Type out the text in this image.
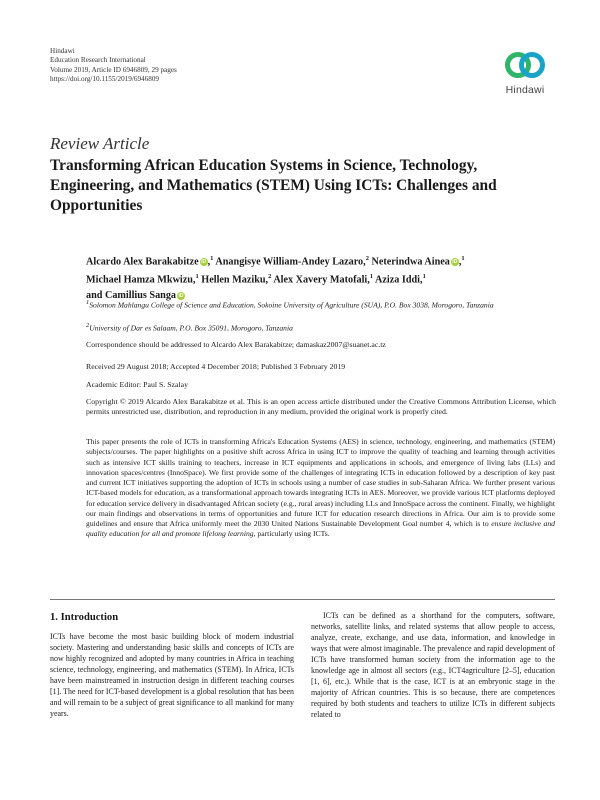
Hindawi
Education Research International
Volume 2019, Article ID 6946809, 29 pages
https://doi.org/10.1155/2019/6946809
Hindawi
Review Article
Transforming African Education Systems in Science, Technology, Engineering, and Mathematics (STEM) Using ICTs: Challenges and Opportunities
Alcardo Alex Barakabitze iD ,$^1$ Anangisye William-Andey Lazaro,$^2$ Neterindwa Ainea iD ,$^1$
Michael Hamza Mkwizu,$^1$ Hellen Maziku,$^2$ Alex Xavery Matofali,$^1$ Aziza Iddi,$^1$
and Camillius Sanga iD
$^1$Solomon Mahlangu College of Science and Education, Sokoine University of Agriculture (SUA), P.O. Box 3038, Morogoro, Tanzania
$^2$University of Dar es Salaam, P.O. Box 35091, Morogoro, Tanzania
Correspondence should be addressed to Alcardo Alex Barakabitze; damaskaz2007@suanet.ac.tz
Received 29 August 2018; Accepted 4 December 2018; Published 3 February 2019
Academic Editor: Paul S. Szalay
Copyright © 2019 Alcardo Alex Barakabitze et al. This is an open access article distributed under the Creative Commons Attribution License, which permits unrestricted use, distribution, and reproduction in any medium, provided the original work is properly cited.
This paper presents the role of ICTs in transforming Africa's Education Systems (AES) in science, technology, engineering, and mathematics (STEM) subjects/courses. The paper highlights on a positive shift across Africa in using ICT to improve the quality of teaching and learning through activities such as intensive ICT skills training to teachers, increase in ICT equipments and applications in schools, and emergence of living labs (LLs) and innovation spaces/centres (InnoSpace). We first provide some of the challenges of integrating ICTs in education followed by a description of key past and current ICT initiatives supporting the adoption of ICTs in schools using a number of case studies in sub-Saharan Africa. We further present various ICT-based models for education, as a transformational approach towards integrating ICTs in AES. Moreover, we provide various ICT platforms deployed for education service delivery in disadvantaged African society (e.g., rural areas) including LLs and InnoSpace across the continent. Finally, we highlight our main findings and observations in terms of opportunities and future ICT for education research directions in Africa. Our aim is to provide some guidelines and ensure that Africa uniformly meet the 2030 United Nations Sustainable Development Goal number 4, which is to ensure inclusive and quality education for all and promote lifelong learning, particularly using ICTs.
1. Introduction
ICTs have become the most basic building block of modern industrial society. Mastering and understanding basic skills and concepts of ICTs are now highly recognized and adopted by many countries in Africa in teaching science, technology, engineering, and mathematics (STEM). In Africa, ICTs have been mainstreamed in instruction design in different teaching courses [1]. The need for ICT-based development is a global resolution that has been and will remain to be a subject of great significance to all mankind for many years.
ICTs can be defined as a shorthand for the computers, software, networks, satellite links, and related systems that allow people to access, analyze, create, exchange, and use data, information, and knowledge in ways that were almost imaginable. The prevalence and rapid development of ICTs have transformed human society from the information age to the knowledge age in almost all sectors (e.g., ICT4agriculture [2–5], education [1, 6], etc.). While that is the case, ICT is at an embryonic stage in the majority of African countries. This is so because, there are competences required by both students and teachers to utilize ICTs in different subjects related to
